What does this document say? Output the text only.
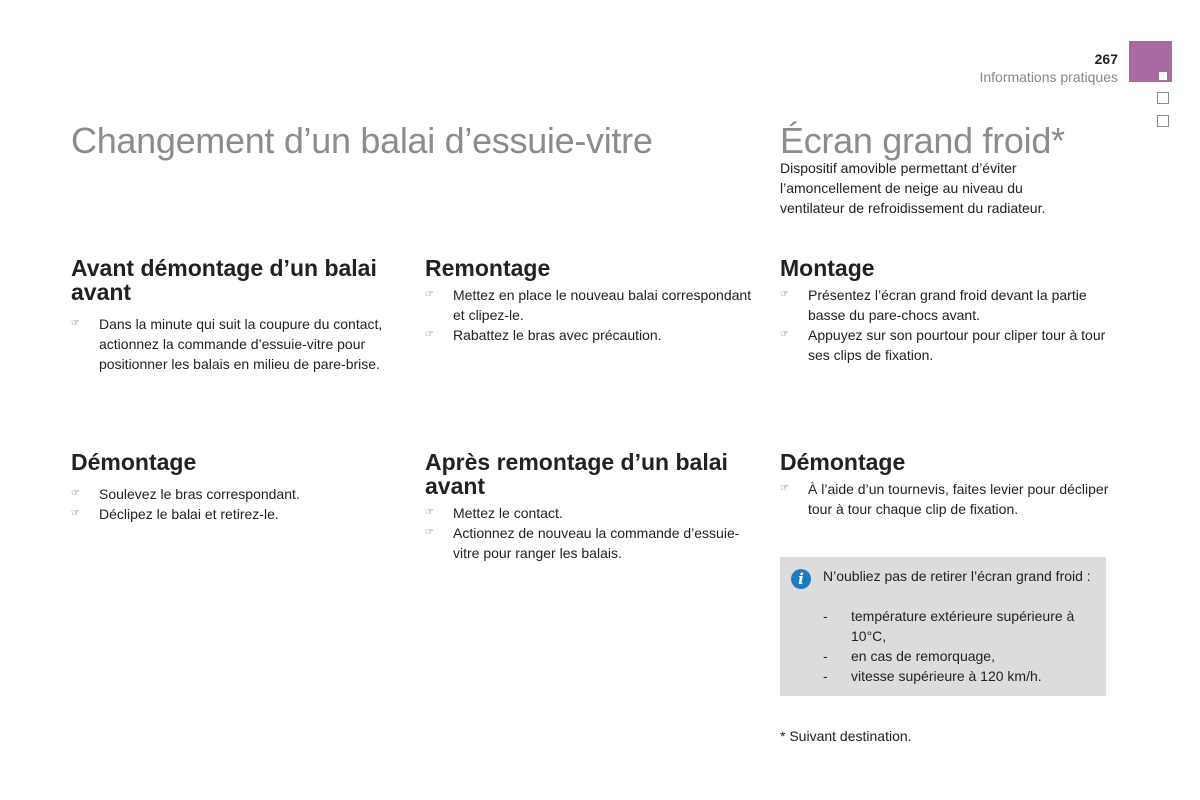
267
Informations pratiques
Changement d’un balai d’essuie-vitre	Écran grand froid*
Dispositif amovible permettant d’éviter l’amoncellement de neige au niveau du ventilateur de refroidissement du radiateur.
Avant démontage d’un balai avant
☞ Dans la minute qui suit la coupure du contact, actionnez la commande d’essuie-vitre pour positionner les balais en milieu de pare-brise.
Démontage
☞ Soulevez le bras correspondant.
☞ Déclipez le balai et retirez-le.
Remontage
☞ Mettez en place le nouveau balai correspondant et clipez-le.
☞ Rabattez le bras avec précaution.
Après remontage d’un balai avant
☞ Mettez le contact.
☞ Actionnez de nouveau la commande d’essuie-vitre pour ranger les balais.
Montage
☞ Présentez l’écran grand froid devant la partie basse du pare-chocs avant.
☞ Appuyez sur son pourtour pour cliper tour à tour ses clips de fixation.
Démontage
☞ À l’aide d’un tournevis, faites levier pour décliper tour à tour chaque clip de fixation.
i	N’oubliez pas de retirer l’écran grand froid :
- température extérieure supérieure à 10°C,
- en cas de remorquage,
- vitesse supérieure à 120 km/h.
* Suivant destination.
